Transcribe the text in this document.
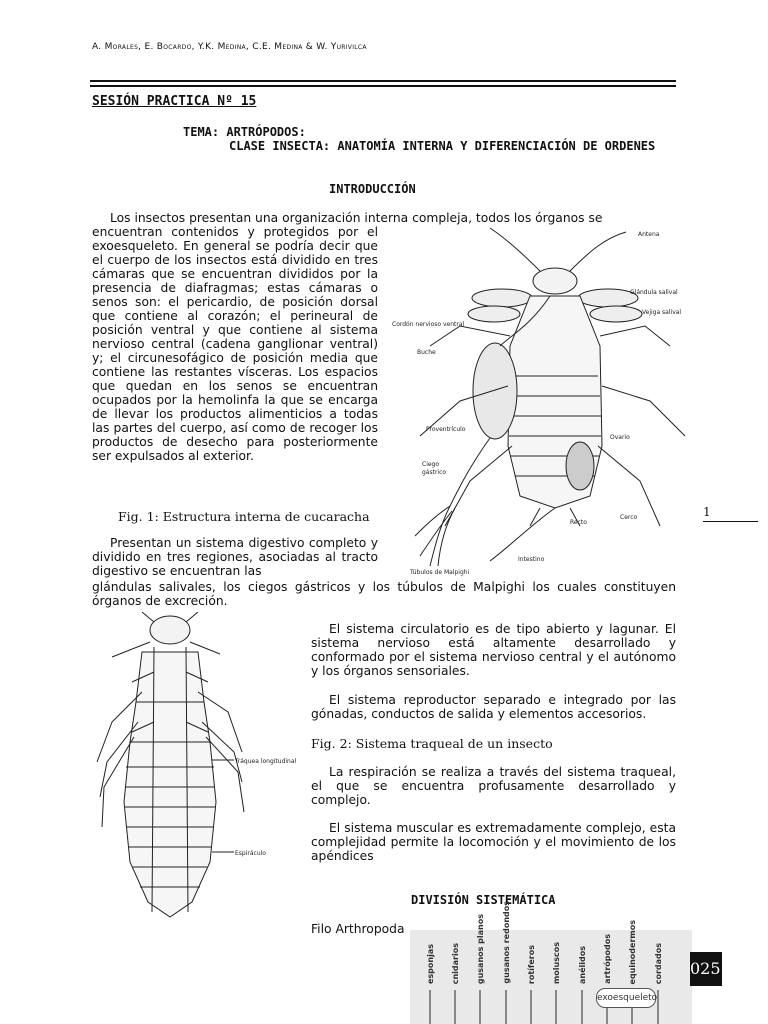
A. Morales, E. Bocardo, Y.K. Medina, C.E. Medina & W. Yurivilca
SESIÓN PRACTICA Nº 15
TEMA: ARTRÓPODOS:
CLASE INSECTA: ANATOMÍA INTERNA Y DIFERENCIACIÓN DE ORDENES
INTRODUCCIÓN
Los insectos presentan una organización interna compleja, todos los órganos se
encuentran contenidos y protegidos por el exoesqueleto. En general se podría decir que el cuerpo de los insectos está dividido en tres cámaras que se encuentran divididos por la presencia de diafragmas; estas cámaras o senos son: el pericardio, de posición dorsal que contiene al corazón; el perineural de posición ventral y que contiene al sistema nervioso central (cadena ganglionar ventral) y; el circunesofágico de posición media que contiene las restantes vísceras. Los espacios que quedan en los senos se encuentran ocupados por la hemolinfa la que se encarga de llevar los productos alimenticios a todas las partes del cuerpo, así como de recoger los productos de desecho para posteriormente ser expulsados al exterior.
Antena
Glándula salival
Vejiga salival
Cordón nervioso ventral
Buche
Proventrículo
Ovario
Ciego
gástrico
Recto
Cerco
Intestino
Túbulos de Malpighi
Fig. 1: Estructura interna de cucaracha
Presentan un sistema digestivo completo y dividido en tres regiones, asociadas al tracto digestivo se encuentran las
glándulas salivales, los ciegos gástricos y los túbulos de Malpighi los cuales constituyen órganos de excreción.
Tráquea longitudinal
Espiráculo
El sistema circulatorio es de tipo abierto y lagunar. El sistema nervioso está altamente desarrollado y conformado por el sistema nervioso central y el autónomo y los órganos sensoriales.
El sistema reproductor separado e integrado por las gónadas, conductos de salida y elementos accesorios.
Fig. 2: Sistema traqueal de un insecto
La respiración se realiza a través del sistema traqueal, el que se encuentra profusamente desarrollado y complejo.
El sistema muscular es extremadamente complejo, esta complejidad permite la locomoción y el movimiento de los apéndices
DIVISIÓN SISTEMÁTICA
Filo Arthropoda
esponjas cnidarios gusanos planos gusanos redondos rotíferos moluscos anélidos artrópodos equinodermos cordados
exoesqueleto
1
025
